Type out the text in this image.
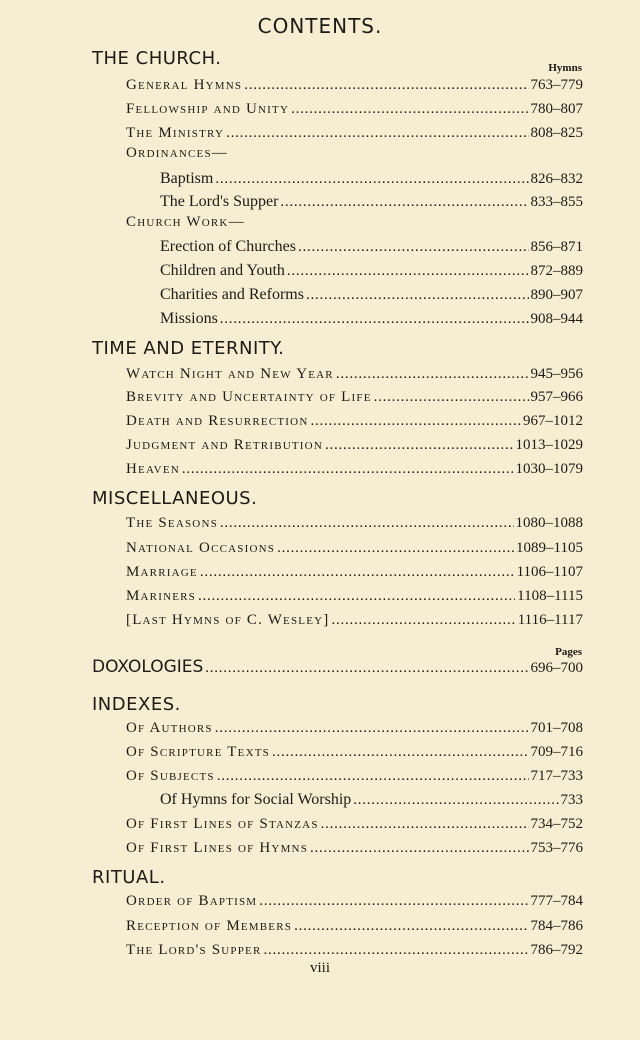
CONTENTS.
THE CHURCH.	Hymns
General Hymns . . .	763–779
Fellowship and Unity . . .	780–807
The Ministry . . .	808–825
Ordinances—
Baptism . . .	826–832
The Lord's Supper . . .	833–855
Church Work—
Erection of Churches . . .	856–871
Children and Youth . . .	872–889
Charities and Reforms . . .	890–907
Missions . . .	908–944
TIME AND ETERNITY.
Watch Night and New Year . . .	945–956
Brevity and Uncertainty of Life . . .	957–966
Death and Resurrection . . .	967–1012
Judgment and Retribution . . .	1013–1029
Heaven . . .	1030–1079
MISCELLANEOUS.
The Seasons . . .	1080–1088
National Occasions . . .	1089–1105
Marriage . . .	1106–1107
Mariners . . .	1108–1115
[Last Hymns of C. Wesley] . . .	1116–1117
Pages
DOXOLOGIES . . .	696–700
INDEXES.
Of Authors . . .	701–708
Of Scripture Texts . . .	709–716
Of Subjects . . .	717–733
Of Hymns for Social Worship . . .	733
Of First Lines of Stanzas . . .	734–752
Of First Lines of Hymns . . .	753–776
RITUAL.
Order of Baptism . . .	777–784
Reception of Members . . .	784–786
The Lord's Supper . . .	786–792
viii
